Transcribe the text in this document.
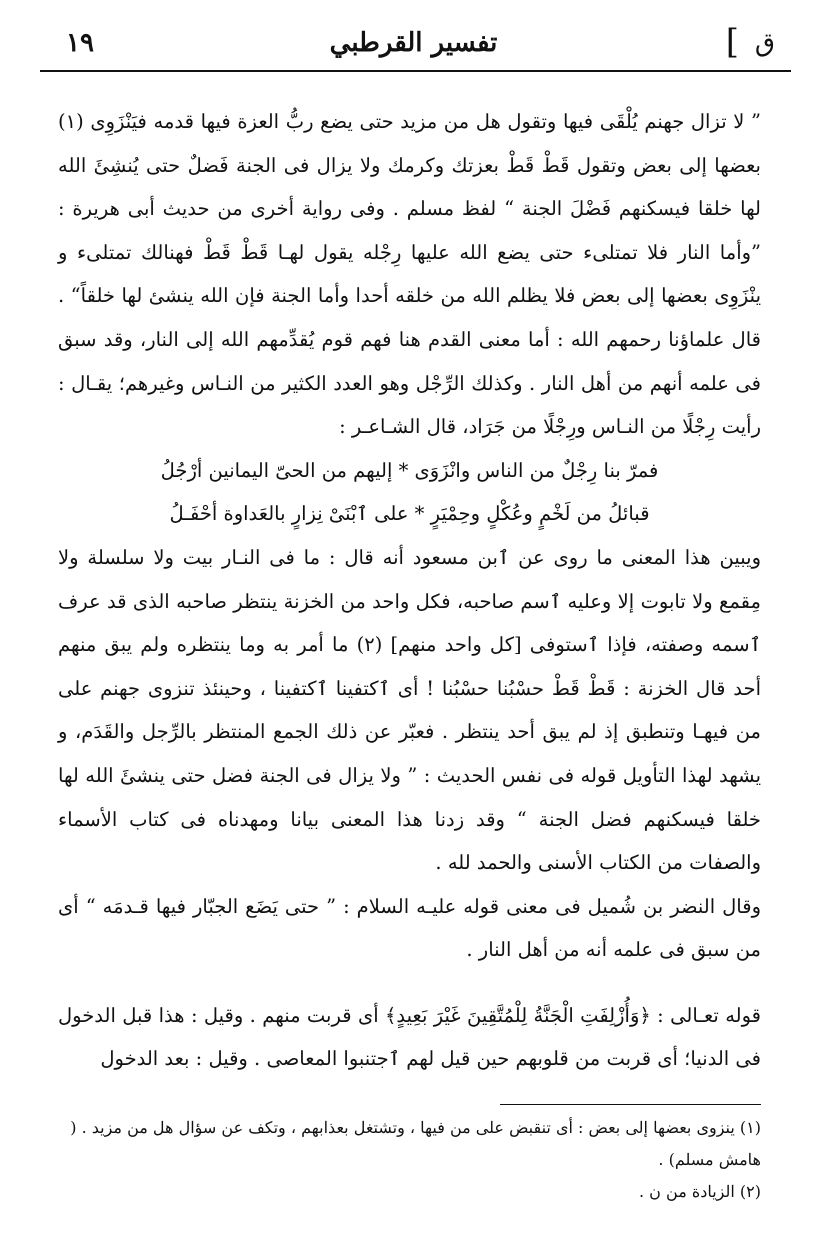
ق
]
تفسير القرطبي
١٩

” لا تزال جهنم يُلْقَى فيها وتقول هل من مزيد حتى يضع ربُّ العزة فيها قدمه فيَنْزَوِى (١) بعضها إلى بعض وتقول قَطْ قَطْ بعزتك وكرمك ولا يزال فى الجنة فَضلٌ حتى يُنشِئَ الله لها خلقا فيسكنهم فَضْلَ الجنة “ لفظ مسلم . وفى رواية أخرى من حديث أبى هريرة : ”وأما النار فلا تمتلىء حتى يضع الله عليها رِجْله يقول لهـا قَطْ قَطْ فهنالك تمتلىء و ينْزَوِى بعضها إلى بعض فلا يظلم الله من خلقه أحدا وأما الجنة فإن الله ينشئ لها خلقاً“ . قال علماؤنا رحمهم الله : أما معنى القدم هنا فهم قوم يُقدِّمهم الله إلى النار، وقد سبق فى علمه أنهم من أهل النار . وكذلك الرِّجْل وهو العدد الكثير من النـاس وغيرهم؛ يقـال : رأيت رِجْلًا من النـاس ورِجْلًا من جَرَاد، قال الشـاعـر :

فمرّ بنا رِجْلٌ من الناس وانْزَوَى * إليهم من الحىّ اليمانين أرْجُلُ
قبائلُ من لَخْمٍ وعُكْلٍ وحِمْيَرٍ * على ٱبْنَىْ نِزارٍ بالعَداوة أحْفَـلُ

ويبين هذا المعنى ما روى عن ٱبن مسعود أنه قال : ما فى النـار بيت ولا سلسلة ولا مِقمع ولا تابوت إلا وعليه ٱسم صاحبه، فكل واحد من الخزنة ينتظر صاحبه الذى قد عرف ٱسمه وصفته، فإذا ٱستوفى [كل واحد منهم] (٢) ما أمر به وما ينتظره ولم يبق منهم أحد قال الخزنة : قَطْ قَطْ حسْبُنا حسْبُنا ! أى ٱكتفينا ٱكتفينا ، وحينئذ تنزوى جهنم على من فيهـا وتنطبق إذ لم يبق أحد ينتظر . فعبّر عن ذلك الجمع المنتظر بالرِّجل والقَدَم، و يشهد لهذا التأويل قوله فى نفس الحديث : ” ولا يزال فى الجنة فضل حتى ينشئَ الله لها خلقا فيسكنهم فضل الجنة “ وقد زدنا هذا المعنى بيانا ومهدناه فى كتاب الأسماء والصفات من الكتاب الأسنى والحمد لله .

وقال النضر بن شُميل فى معنى قوله عليـه السلام : ” حتى يَضَع الجبّار فيها قـدمَه “ أى من سبق فى علمه أنه من أهل النار .

قوله تعـالى : ﴿وَأُزْلِفَتِ الْجَنَّةُ لِلْمُتَّقِينَ غَيْرَ بَعِيدٍ﴾ أى قربت منهم . وقيل : هذا قبل الدخول فى الدنيا؛ أى قربت من قلوبهم حين قيل لهم ٱجتنبوا المعاصى . وقيل : بعد الدخول

(١) ينزوى بعضها إلى بعض : أى تنقبض على من فيها ، وتشتغل بعذابهم ، وتكف عن سؤال هل من مزيد . ( هامش مسلم) .
(٢) الزيادة من ن .
